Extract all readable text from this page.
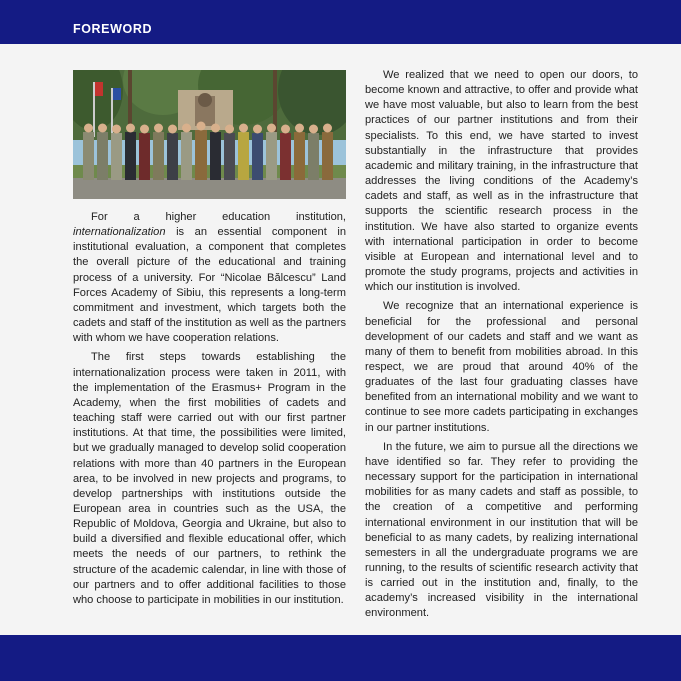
FOREWORD

For a higher education institution, internationalization is an essential component in institutional evaluation, a component that completes the overall picture of the educational and training process of a university. For “Nicolae Bălcescu” Land Forces Academy of Sibiu, this represents a long-term commitment and investment, which targets both the cadets and staff of the institution as well as the partners with whom we have cooperation relations.

The first steps towards establishing the internationalization process were taken in 2011, with the implementation of the Erasmus+ Program in the Academy, when the first mobilities of cadets and teaching staff were carried out with our first partner institutions. At that time, the possibilities were limited, but we gradually managed to develop solid cooperation relations with more than 40 partners in the European area, to be involved in new projects and programs, to develop partnerships with institutions outside the European area in countries such as the USA, the Republic of Moldova, Georgia and Ukraine, but also to build a diversified and flexible educational offer, which meets the needs of our partners, to rethink the structure of the academic calendar, in line with those of our partners and to offer additional facilities to those who choose to participate in mobilities in our institution.

We realized that we need to open our doors, to become known and attractive, to offer and provide what we have most valuable, but also to learn from the best practices of our partner institutions and from their specialists. To this end, we have started to invest substantially in the infrastructure that provides academic and military training, in the infrastructure that addresses the living conditions of the Academy’s cadets and staff, as well as in the infrastructure that supports the scientific research process in the institution. We have also started to organize events with international participation in order to become visible at European and international level and to promote the study programs, projects and activities in which our institution is involved.

We recognize that an international experience is beneficial for the professional and personal development of our cadets and staff and we want as many of them to benefit from mobilities abroad. In this respect, we are proud that around 40% of the graduates of the last four graduating classes have benefited from an international mobility and we want to continue to see more cadets participating in exchanges in our partner institutions.

In the future, we aim to pursue all the directions we have identified so far. They refer to providing the necessary support for the participation in international mobilities for as many cadets and staff as possible, to the creation of a competitive and performing international environment in our institution that will be beneficial to as many cadets, by realizing international semesters in all the undergraduate programs we are running, to the results of scientific research activity that is carried out in the institution and, finally, to the academy’s increased visibility in the international environment.
